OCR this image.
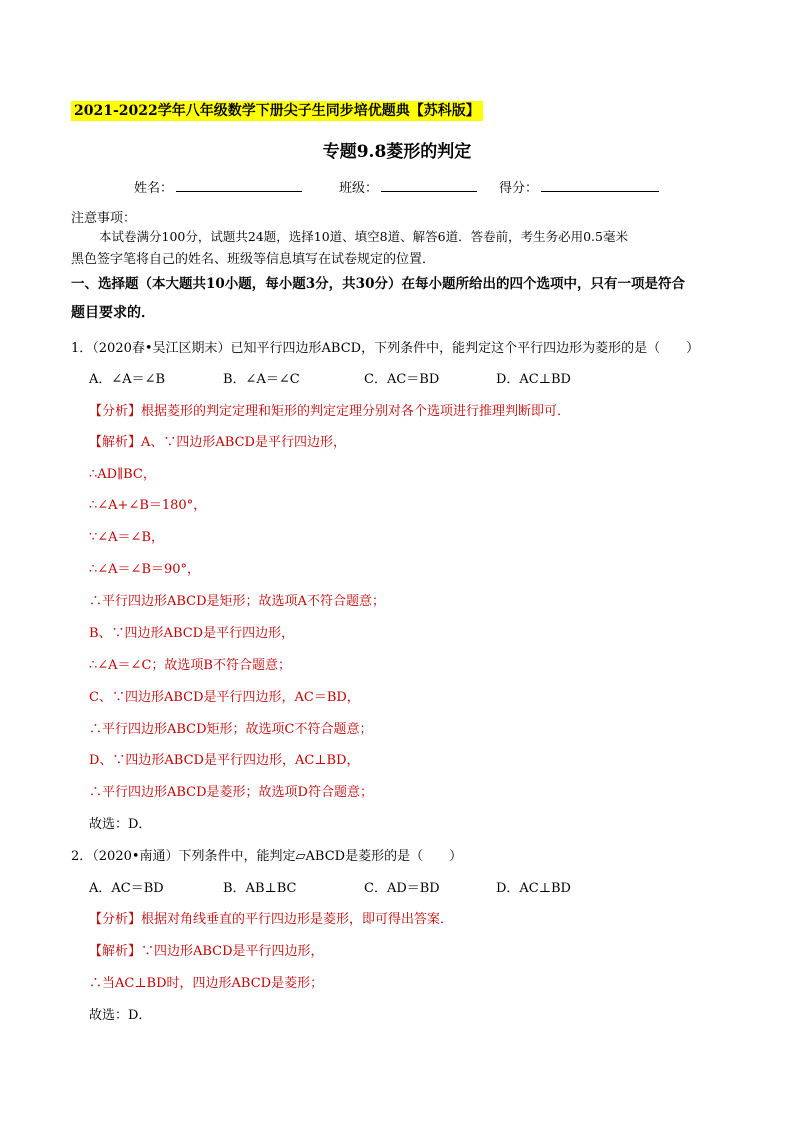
2021-2022学年八年级数学下册尖子生同步培优题典【苏科版】
专题9.8菱形的判定
姓名：	班级：	得分：
注意事项：
本试卷满分100分，试题共24题，选择10道、填空8道、解答6道．答卷前，考生务必用0.5毫米
黑色签字笔将自己的姓名、班级等信息填写在试卷规定的位置．
一、选择题（本大题共10小题，每小题3分，共30分）在每小题所给出的四个选项中，只有一项是符合
题目要求的．
1．（2020春•吴江区期末）已知平行四边形ABCD，下列条件中，能判定这个平行四边形为菱形的是（　　）
A．∠A＝∠B	B．∠A＝∠C	C．AC＝BD	D．AC⊥BD
【分析】根据菱形的判定定理和矩形的判定定理分别对各个选项进行推理判断即可．
【解析】A、∵四边形ABCD是平行四边形，
∴AD∥BC，
∴∠A+∠B＝180°，
∵∠A＝∠B，
∴∠A＝∠B＝90°，
∴平行四边形ABCD是矩形；故选项A不符合题意；
B、∵四边形ABCD是平行四边形，
∴∠A＝∠C；故选项B不符合题意；
C、∵四边形ABCD是平行四边形，AC＝BD，
∴平行四边形ABCD矩形；故选项C不符合题意；
D、∵四边形ABCD是平行四边形，AC⊥BD，
∴平行四边形ABCD是菱形；故选项D符合题意；
故选：D．
2．（2020•南通）下列条件中，能判定▱ABCD是菱形的是（　　）
A．AC＝BD	B．AB⊥BC	C．AD＝BD	D．AC⊥BD
【分析】根据对角线垂直的平行四边形是菱形，即可得出答案．
【解析】∵四边形ABCD是平行四边形，
∴当AC⊥BD时，四边形ABCD是菱形；
故选：D．
